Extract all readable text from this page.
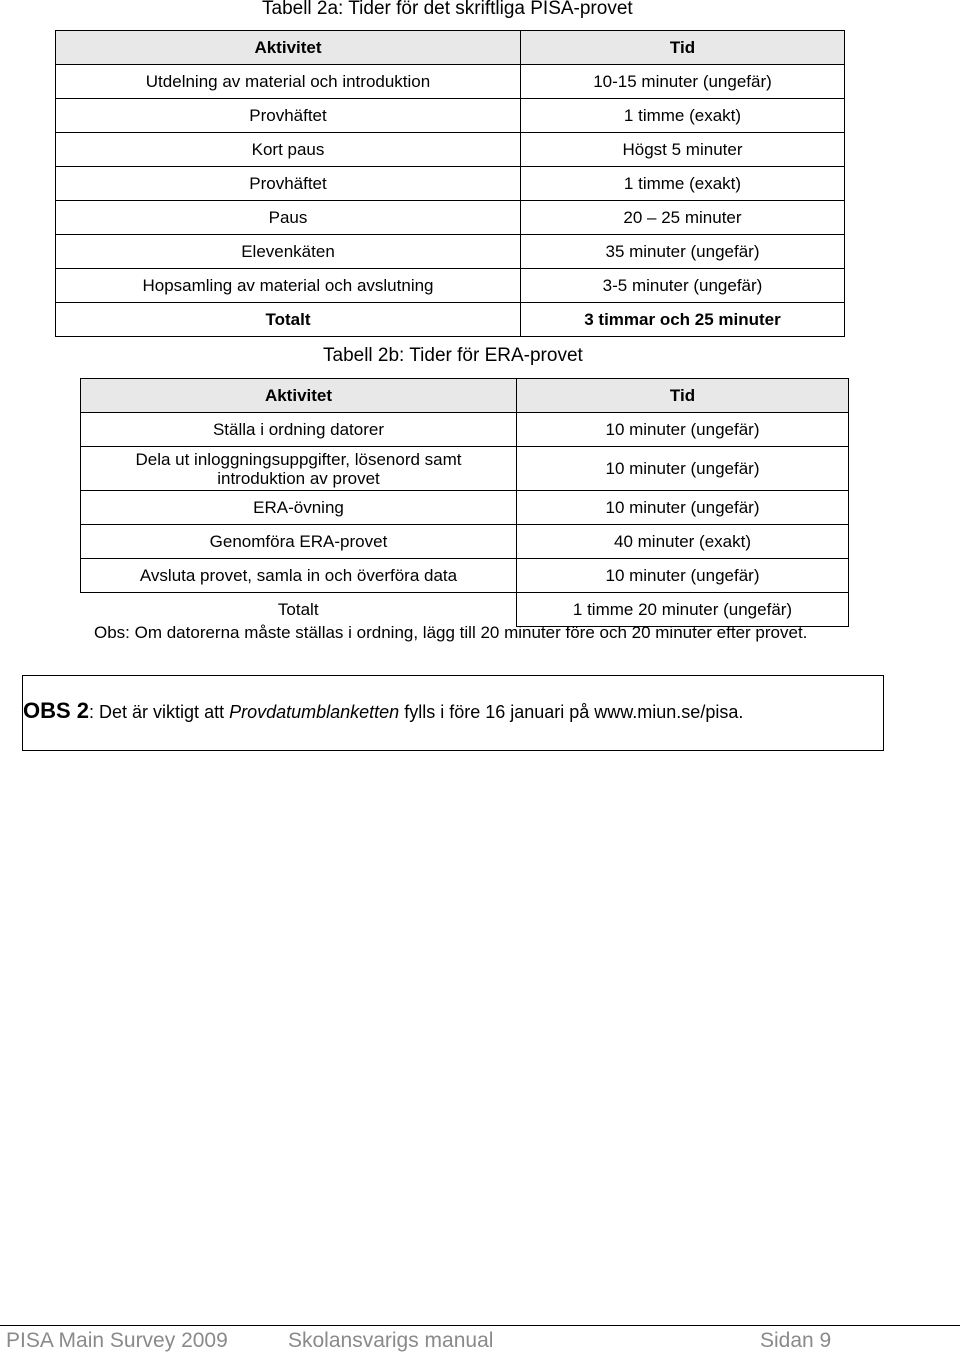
Tabell 2a: Tider för det skriftliga PISA-provet
Aktivitet	Tid
Utdelning av material och introduktion	10-15 minuter (ungefär)
Provhäftet	1 timme (exakt)
Kort paus	Högst 5 minuter
Provhäftet	1 timme (exakt)
Paus	20 – 25 minuter
Elevenkäten	35 minuter (ungefär)
Hopsamling av material och avslutning	3-5 minuter (ungefär)
Totalt	3 timmar och 25 minuter
Tabell 2b: Tider för ERA-provet
Aktivitet	Tid
Ställa i ordning datorer	10 minuter (ungefär)
Dela ut inloggningsuppgifter, lösenord samt introduktion av provet	10 minuter (ungefär)
ERA-övning	10 minuter (ungefär)
Genomföra ERA-provet	40 minuter (exakt)
Avsluta provet, samla in och överföra data	10 minuter (ungefär)
Totalt	1 timme 20 minuter (ungefär)
Obs: Om datorerna måste ställas i ordning, lägg till 20 minuter före och 20 minuter efter provet.
OBS 2: Det är viktigt att Provdatumblanketten fylls i före 16 januari på www.miun.se/pisa.
PISA Main Survey 2009	Skolansvarigs manual	Sidan 9
